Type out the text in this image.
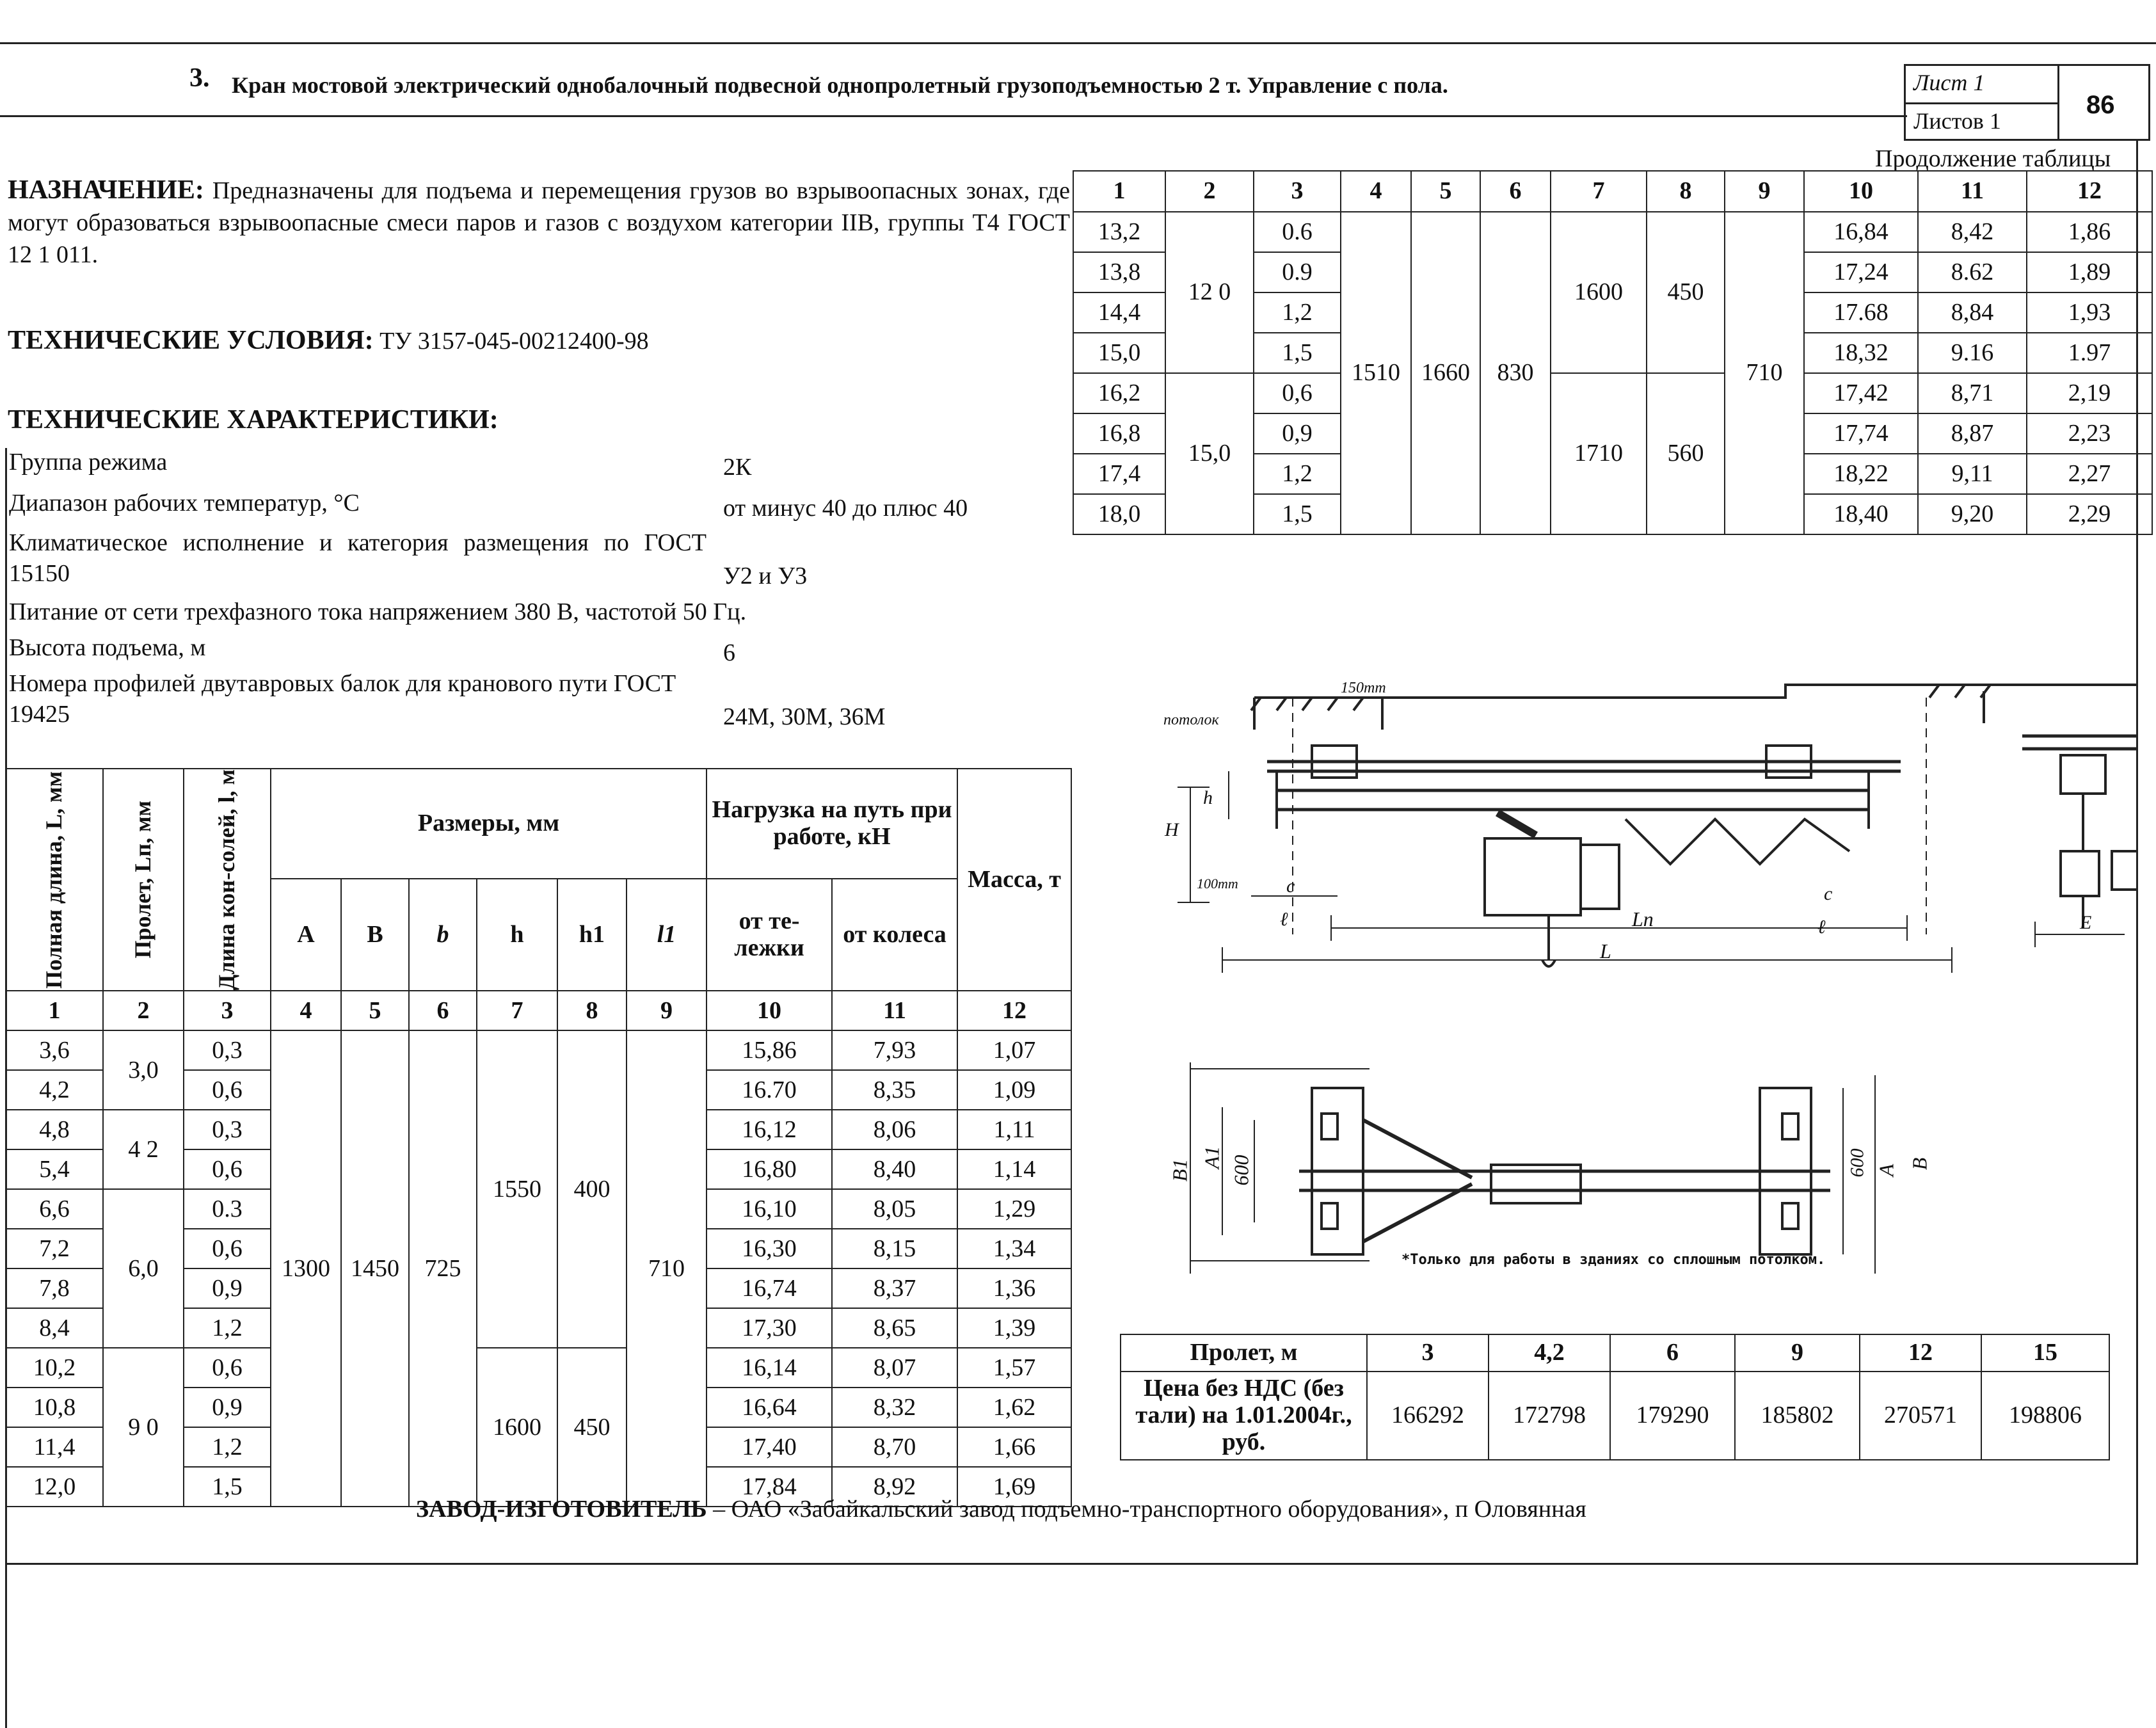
3. Кран мостовой электрический однобалочный подвесной однопролетный грузоподъемностью 2 т. Управление с пола.	Лист 1
Листов 1
86
НАЗНАЧЕНИЕ: Предназначены для подъема и перемещения грузов во взрывоопасных зонах, где могут образоваться взрывоопасные смеси паров и газов с воздухом категории IIВ, группы Т4 ГОСТ 12 1 011.
ТЕХНИЧЕСКИЕ УСЛОВИЯ: ТУ 3157-045-00212400-98
ТЕХНИЧЕСКИЕ ХАРАКТЕРИСТИКИ:
Группа режима	2К
Диапазон рабочих температур, °С	от минус 40 до плюс 40
Климатическое исполнение и категория размещения по ГОСТ 15150	У2 и У3
Питание от сети трехфазного тока напряжением 380 В, частотой 50 Гц.
Высота подъема, м	6
Номера профилей двутавровых балок для кранового пути ГОСТ 19425	24М, 30М, 36М
Полная длина, L, мм	Пролет, Lп, мм	Длина кон-солей, l, м	Размеры, мм						Нагрузка на путь при работе, кН		Масса, т
			A	B	b	h	h1	l1	от те-лежки	от колеса	
1	2	3	4	5	6	7	8	9	10	11	12
3,6	3,0	0,3	1300	1450	725	1550	400	710	15,86	7,93	1,07
4,2		0,6							16.70	8,35	1,09
4,8	4 2	0,3							16,12	8,06	1,11
5,4		0,6							16,80	8,40	1,14
6,6	6,0	0.3							16,10	8,05	1,29
7,2		0,6							16,30	8,15	1,34
7,8		0,9							16,74	8,37	1,36
8,4		1,2							17,30	8,65	1,39
10,2	9 0	0,6				1600	450		16,14	8,07	1,57
10,8		0,9							16,64	8,32	1,62
11,4		1,2							17,40	8,70	1,66
12,0		1,5							17,84	8,92	1,69
Продолжение таблицы
1	2	3	4	5	6	7	8	9	10	11	12
13,2	12 0	0.6	1510	1660	830	1600	450	710	16,84	8,42	1,86
13,8		0.9							17,24	8.62	1,89
14,4		1,2							17.68	8,84	1,93
15,0		1,5							18,32	9.16	1.97
16,2	15,0	0,6				1710	560		17,42	8,71	2,19
16,8		0,9							17,74	8,87	2,23
17,4		1,2							18,22	9,11	2,27
18,0		1,5							18,40	9,20	2,29
150mm
потолок
H
h
100mm	c
ℓ
c
ℓ
Lп
L
E
B1
A1 600	600 A
B
*Только для работы в зданиях со сплошным потолком.
Пролет, м	3	4,2	6	9	12	15
Цена без НДС (без тали) на 1.01.2004г., руб.	166292	172798	179290	185802	270571	198806
ЗАВОД-ИЗГОТОВИТЕЛЬ – ОАО «Забайкальский завод подъемно-транспортного оборудования», п Оловянная
